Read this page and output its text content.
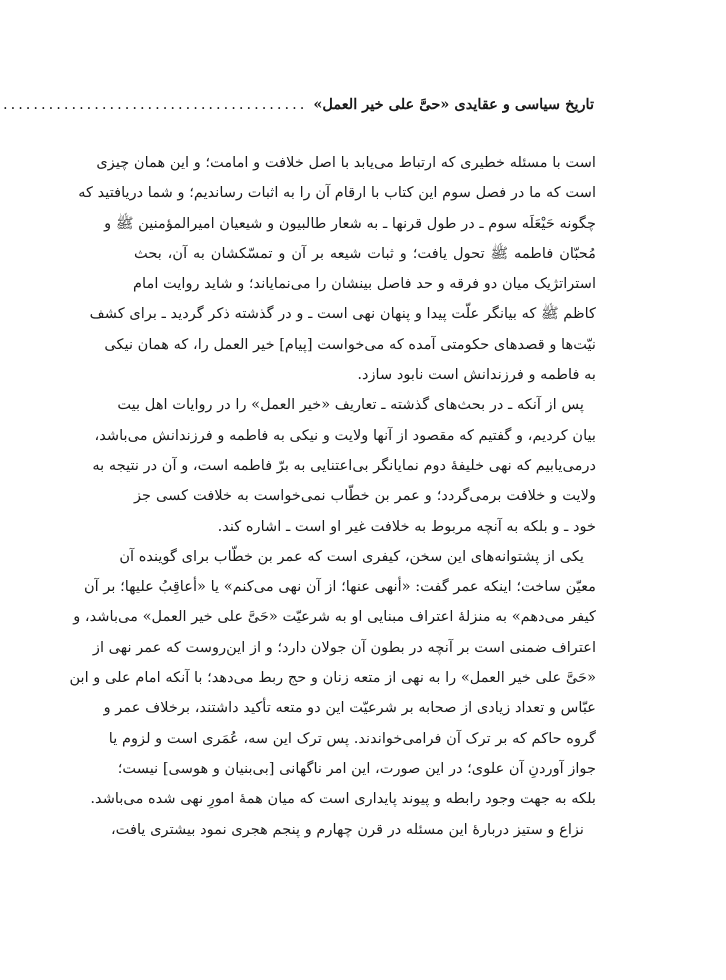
تاریخ سیاسی و عقایدی «حیَّ علی خیر العمل»
........................................
است با مسئله خطیری که ارتباط می‌یابد با اصل خلافت و امامت؛ و این همان چیزی
است که ما در فصل سوم این کتاب با ارقام آن را به اثبات رساندیم؛ و شما دریافتید که
چگونه حَیْعَلَه سوم ـ در طول قرنها ـ به شعار طالبیون و شیعیان امیرالمؤمنین ﷺ و
مُحبّان فاطمه ﷺ تحول یافت؛ و ثبات شیعه بر آن و تمسّکشان به آن، بحث
استراتژیک میان دو فرقه و حد فاصل بینشان را می‌نمایاند؛ و شاید روایت امام
کاظم ﷺ که بیانگر علّت پیدا و پنهان نهی است ـ و در گذشته ذکر گردید ـ برای کشف
نیّت‌ها و قصدهای حکومتی آمده که می‌خواست [پیام] خیر العمل را، که همان نیکی
به فاطمه و فرزندانش است نابود سازد.
پس از آنکه ـ در بحث‌های گذشته ـ تعاریف «خیر العمل» را در روایات اهل بیت
بیان کردیم، و گفتیم که مقصود از آنها ولایت و نیکی به فاطمه و فرزندانش می‌باشد،
درمی‌یابیم که نهی خلیفهٔ دوم نمایانگر بی‌اعتنایی به برّ فاطمه است، و آن در نتیجه به
ولایت و خلافت برمی‌گردد؛ و عمر بن خطّاب نمی‌خواست به خلافت کسی جز
خود ـ و بلکه به آنچه مربوط به خلافت غیر او است ـ اشاره کند.
یکی از پشتوانه‌های این سخن، کیفری است که عمر بن خطّاب برای گوینده آن
معیّن ساخت؛ اینکه عمر گفت: «أنهی عنها؛ از آن نهی می‌کنم» یا «أعاقِبُ علیها؛ بر آن
کیفر می‌دهم» به منزلهٔ اعتراف مبنایی او به شرعیّت «حَیَّ علی خیر العمل» می‌باشد، و
اعتراف ضمنی است بر آنچه در بطون آن جولان دارد؛ و از این‌روست که عمر نهی از
«حَیَّ علی خیر العمل» را به نهی از متعه زنان و حج ربط می‌دهد؛ با آنکه امام علی و ابن
عبّاس و تعداد زیادی از صحابه بر شرعیّت این دو متعه تأکید داشتند، برخلاف عمر و
گروه حاکم که بر ترک آن فرامی‌خواندند. پس ترک این سه، عُمَری است و لزوم یا
جواز آوردنِ آن علوی؛ در این صورت، این امر ناگهانی [بی‌بنیان و هوسی] نیست؛
بلکه به جهت وجود رابطه و پیوند پایداری است که میان همهٔ امورِ نهی شده می‌باشد.
نزاع و ستیز دربارهٔ این مسئله در قرن چهارم و پنجم هجری نمود بیشتری یافت،
